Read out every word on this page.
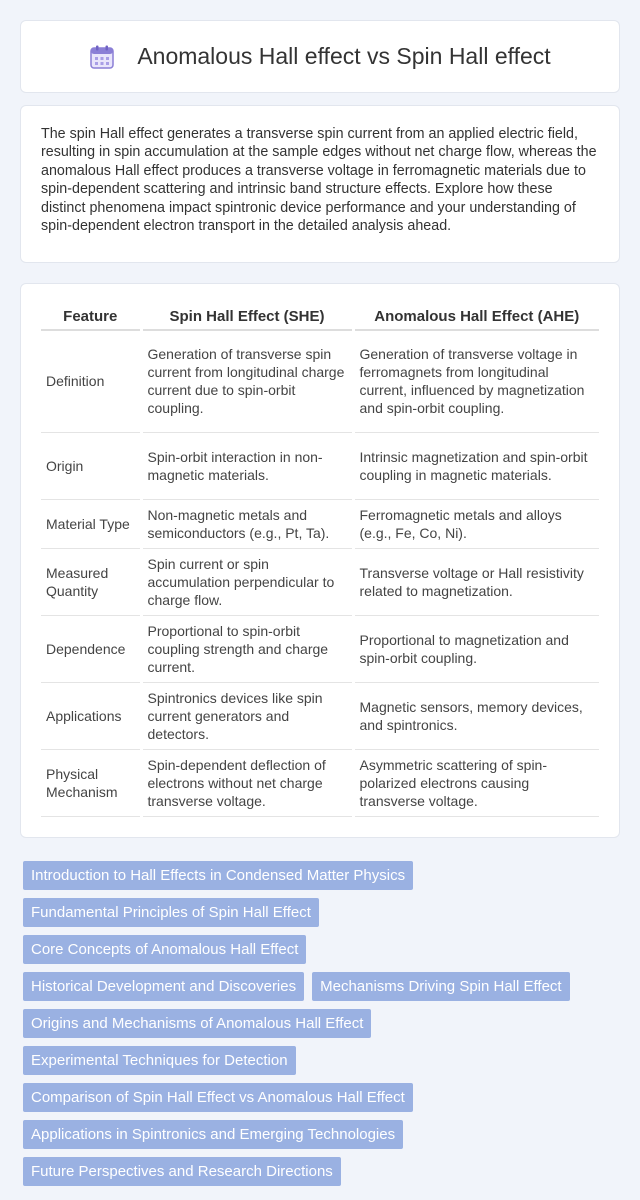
Anomalous Hall effect vs Spin Hall effect

The spin Hall effect generates a transverse spin current from an applied electric field, resulting in spin accumulation at the sample edges without net charge flow, whereas the anomalous Hall effect produces a transverse voltage in ferromagnetic materials due to spin-dependent scattering and intrinsic band structure effects. Explore how these distinct phenomena impact spintronic device performance and your understanding of spin-dependent electron transport in the detailed analysis ahead.

Feature	Spin Hall Effect (SHE)	Anomalous Hall Effect (AHE)
Definition	Generation of transverse spin current from longitudinal charge current due to spin-orbit coupling.	Generation of transverse voltage in ferromagnets from longitudinal current, influenced by magnetization and spin-orbit coupling.
Origin	Spin-orbit interaction in non-magnetic materials.	Intrinsic magnetization and spin-orbit coupling in magnetic materials.
Material Type	Non-magnetic metals and semiconductors (e.g., Pt, Ta).	Ferromagnetic metals and alloys (e.g., Fe, Co, Ni).
Measured Quantity	Spin current or spin accumulation perpendicular to charge flow.	Transverse voltage or Hall resistivity related to magnetization.
Dependence	Proportional to spin-orbit coupling strength and charge current.	Proportional to magnetization and spin-orbit coupling.
Applications	Spintronics devices like spin current generators and detectors.	Magnetic sensors, memory devices, and spintronics.
Physical Mechanism	Spin-dependent deflection of electrons without net charge transverse voltage.	Asymmetric scattering of spin-polarized electrons causing transverse voltage.
Introduction to Hall Effects in Condensed Matter Physics
Fundamental Principles of Spin Hall Effect
Core Concepts of Anomalous Hall Effect
Historical Development and Discoveries	Mechanisms Driving Spin Hall Effect
Origins and Mechanisms of Anomalous Hall Effect
Experimental Techniques for Detection
Comparison of Spin Hall Effect vs Anomalous Hall Effect
Applications in Spintronics and Emerging Technologies
Future Perspectives and Research Directions
